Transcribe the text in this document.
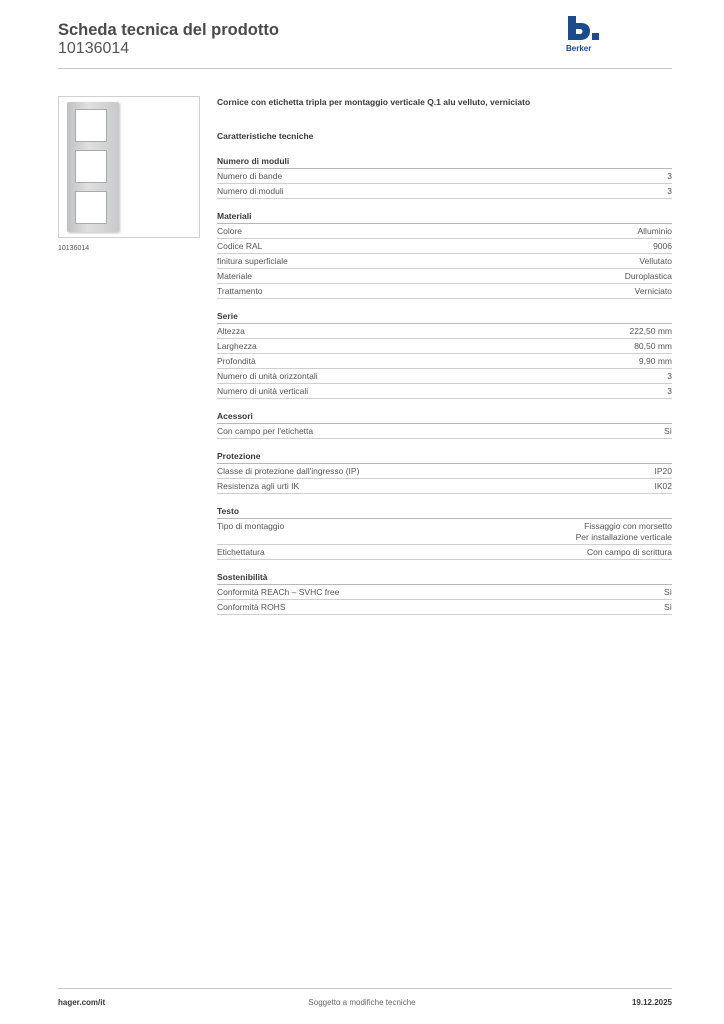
Scheda tecnica del prodotto
10136014	Berker
10136014
Cornice con etichetta tripla per montaggio verticale Q.1 alu velluto, verniciato
Caratteristiche tecniche
Numero di moduli
Numero di bande	3
Numero di moduli	3
Materiali
Colore	Alluminio
Codice RAL	9006
finitura superficiale	Vellutato
Materiale	Duroplastica
Trattamento	Verniciato
Serie
Altezza	222,50 mm
Larghezza	80,50 mm
Profondità	9,90 mm
Numero di unità orizzontali	3
Numero di unità verticali	3
Acessori
Con campo per l'etichetta	Sì
Protezione
Classe di protezione dall'ingresso (IP)	IP20
Resistenza agli urti IK	IK02
Testo
Tipo di montaggio	Fissaggio con morsetto
Per installazione verticale
Etichettatura	Con campo di scrittura
Sostenibilità
Conformità REACh – SVHC free	Sì
Conformità ROHS	Sì
hager.com/it	Soggetto a modifiche tecniche	19.12.2025
